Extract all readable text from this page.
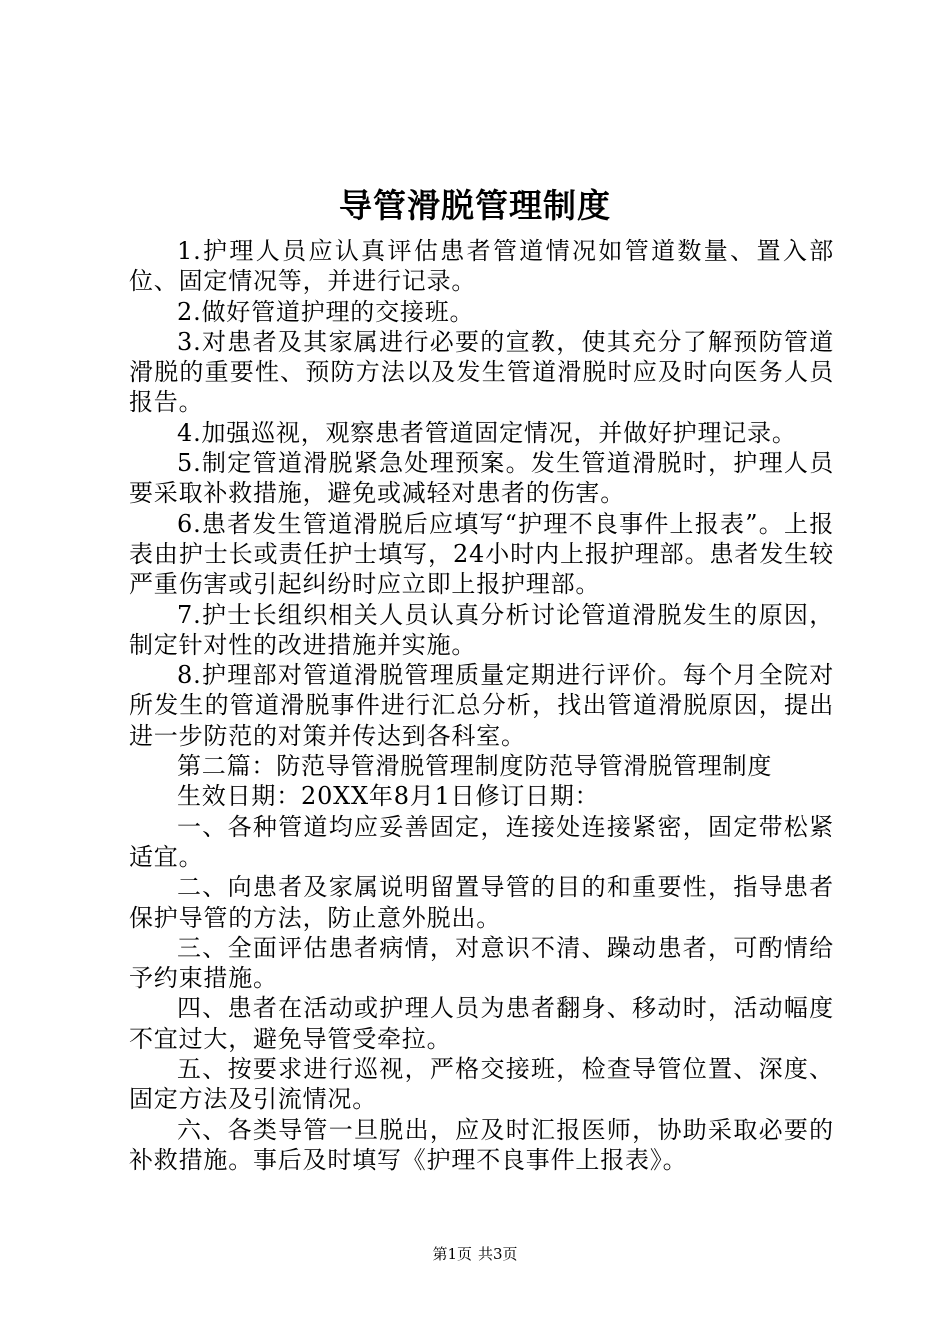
导管滑脱管理制度

1.护理人员应认真评估患者管道情况如管道数量、置入部位、固定情况等，并进行记录。

2.做好管道护理的交接班。

3.对患者及其家属进行必要的宣教，使其充分了解预防管道滑脱的重要性、预防方法以及发生管道滑脱时应及时向医务人员报告。

4.加强巡视，观察患者管道固定情况，并做好护理记录。

5.制定管道滑脱紧急处理预案。发生管道滑脱时，护理人员要采取补救措施，避免或减轻对患者的伤害。

6.患者发生管道滑脱后应填写“护理不良事件上报表”。上报表由护士长或责任护士填写，24小时内上报护理部。患者发生较严重伤害或引起纠纷时应立即上报护理部。

7.护士长组织相关人员认真分析讨论管道滑脱发生的原因，制定针对性的改进措施并实施。

8.护理部对管道滑脱管理质量定期进行评价。每个月全院对所发生的管道滑脱事件进行汇总分析，找出管道滑脱原因，提出进一步防范的对策并传达到各科室。

第二篇：防范导管滑脱管理制度防范导管滑脱管理制度

生效日期：20XX年8月1日修订日期：

一、各种管道均应妥善固定，连接处连接紧密，固定带松紧适宜。

二、向患者及家属说明留置导管的目的和重要性，指导患者保护导管的方法，防止意外脱出。

三、全面评估患者病情，对意识不清、躁动患者，可酌情给予约束措施。

四、患者在活动或护理人员为患者翻身、移动时，活动幅度不宜过大，避免导管受牵拉。

五、按要求进行巡视，严格交接班，检查导管位置、深度、固定方法及引流情况。

六、各类导管一旦脱出，应及时汇报医师，协助采取必要的补救措施。事后及时填写《护理不良事件上报表》。

第1页 共3页
